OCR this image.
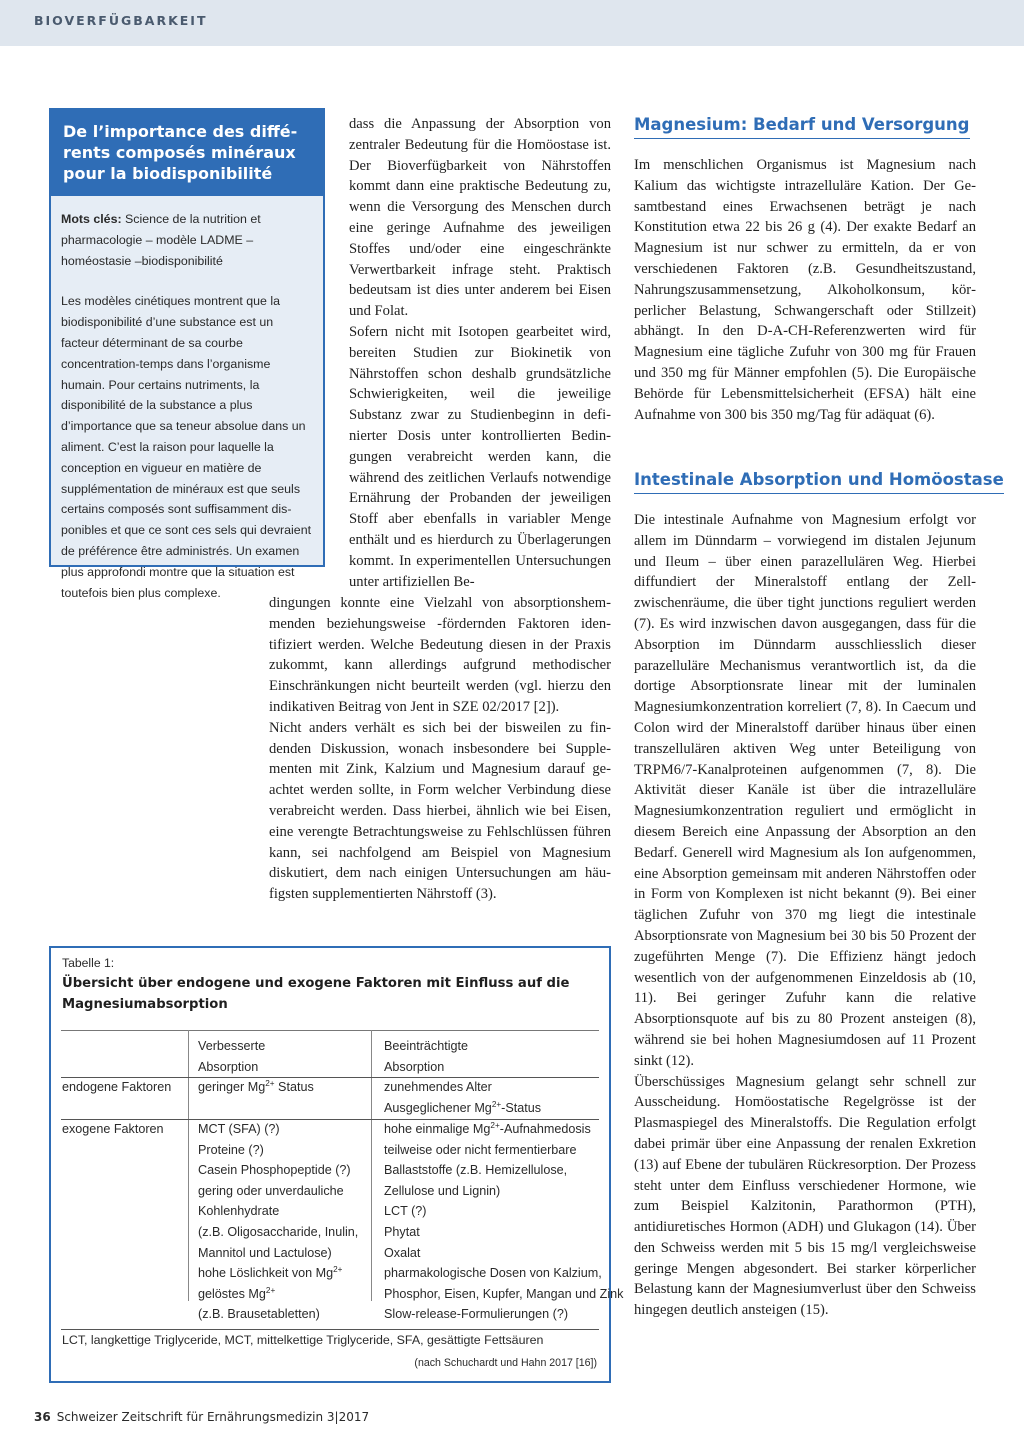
BIOVERFÜGBARKEIT
De l’importance des différents composés minéraux pour la biodisponibilité

Mots clés: Science de la nutrition et pharmacologie – modèle LADME – homéostasie –biodisponibilité

Les modèles cinétiques montrent que la biodisponibilité d’une substance est un facteur déterminant de sa courbe concentration-temps dans l’organisme humain. Pour certains nutriments, la disponibilité de la substance a plus d’importance que sa teneur absolue dans un aliment. C’est la raison pour laquelle la conception en vigueur en matière de supplémentation de minéraux est que seuls certains composés sont suffisamment disponibles et que ce sont ces sels qui devraient de préférence être administrés. Un examen plus approfondi montre que la situation est toutefois bien plus complexe.

dass die Anpassung der Absorption von zentraler Bedeutung für die Homöostase ist. Der Bioverfügbarkeit von Nährstoffen kommt dann eine praktische Bedeutung zu, wenn die Versorgung des Menschen durch eine geringe Aufnahme des jeweiligen Stoffes und/oder eine eingeschränkte Verwertbarkeit infrage steht. Praktisch bedeutsam ist dies unter anderem bei Eisen und Folat.

Sofern nicht mit Isotopen gearbeitet wird, bereiten Studien zur Biokinetik von Nährstoffen schon deshalb grundsätzliche Schwierigkeiten, weil die jeweilige Substanz zwar zu Studienbeginn in definierter Dosis unter kontrollierten Bedingungen verabreicht werden kann, die während des zeitlichen Verlaufs notwendige Ernährung der Probanden der jeweiligen Stoff aber ebenfalls in variabler Menge enthält und es hierdurch zu Überlagerungen kommt. In experimentellen Untersuchungen unter artifiziellen Be-

dingungen konnte eine Vielzahl von absorptionshemmenden beziehungsweise -fördernden Faktoren identifiziert werden. Welche Bedeutung diesen in der Praxis zukommt, kann allerdings aufgrund methodischer Einschränkungen nicht beurteilt werden (vgl. hierzu den indikativen Beitrag von Jent in SZE 02/2017 [2]).

Nicht anders verhält es sich bei der bisweilen zu findenden Diskussion, wonach insbesondere bei Supplementen mit Zink, Kalzium und Magnesium darauf geachtet werden sollte, in Form welcher Verbindung diese verabreicht werden. Dass hierbei, ähnlich wie bei Eisen, eine verengte Betrachtungsweise zu Fehlschlüssen führen kann, sei nachfolgend am Beispiel von Magnesium diskutiert, dem nach einigen Untersuchungen am häufigsten supplementierten Nährstoff (3).

Magnesium: Bedarf und Versorgung

Im menschlichen Organismus ist Magnesium nach Kalium das wichtigste intrazelluläre Kation. Der Gesamtbestand eines Erwachsenen beträgt je nach Konstitution etwa 22 bis 26 g (4). Der exakte Bedarf an Magnesium ist nur schwer zu ermitteln, da er von verschiedenen Faktoren (z.B. Gesundheitszustand, Nahrungszusammensetzung, Alkoholkonsum, körperlicher Belastung, Schwangerschaft oder Stillzeit) abhängt. In den D-A-CH-Referenzwerten wird für Magnesium eine tägliche Zufuhr von 300 mg für Frauen und 350 mg für Männer empfohlen (5). Die Europäische Behörde für Lebensmittelsicherheit (EFSA) hält eine Aufnahme von 300 bis 350 mg/Tag für adäquat (6).

Intestinale Absorption und Homöostase

Die intestinale Aufnahme von Magnesium erfolgt vor allem im Dünndarm – vorwiegend im distalen Jejunum und Ileum – über einen parazellulären Weg. Hierbei diffundiert der Mineralstoff entlang der Zellzwischenräume, die über tight junctions reguliert werden (7). Es wird inzwischen davon ausgegangen, dass für die Absorption im Dünndarm ausschliesslich dieser parazelluläre Mechanismus verantwortlich ist, da die dortige Absorptionsrate linear mit der luminalen Magnesiumkonzentration korreliert (7, 8). In Caecum und Colon wird der Mineralstoff darüber hinaus über einen transzellulären aktiven Weg unter Beteiligung von TRPM6/7-Kanalproteinen aufgenommen (7, 8). Die Aktivität dieser Kanäle ist über die intrazelluläre Magnesiumkonzentration reguliert und ermöglicht in diesem Bereich eine Anpassung der Absorption an den Bedarf. Generell wird Magnesium als Ion aufgenommen, eine Absorption gemeinsam mit anderen Nährstoffen oder in Form von Komplexen ist nicht bekannt (9). Bei einer täglichen Zufuhr von 370 mg liegt die intestinale Absorptionsrate von Magnesium bei 30 bis 50 Prozent der zugeführten Menge (7). Die Effizienz hängt jedoch wesentlich von der aufgenommenen Einzeldosis ab (10, 11). Bei geringer Zufuhr kann die relative Absorptionsquote auf bis zu 80 Prozent ansteigen (8), während sie bei hohen Magnesiumdosen auf 11 Prozent sinkt (12).

Überschüssiges Magnesium gelangt sehr schnell zur Ausscheidung. Homöostatische Regelgrösse ist der Plasmaspiegel des Mineralstoffs. Die Regulation erfolgt dabei primär über eine Anpassung der renalen Exkretion (13) auf Ebene der tubulären Rückresorption. Der Prozess steht unter dem Einfluss verschiedener Hormone, wie zum Beispiel Kalzitonin, Parathormon (PTH), antidiuretisches Hormon (ADH) und Glukagon (14). Über den Schweiss werden mit 5 bis 15 mg/l vergleichsweise geringe Mengen abgesondert. Bei starker körperlicher Belastung kann der Magnesiumverlust über den Schweiss hingegen deutlich ansteigen (15).

Tabelle 1:
Übersicht über endogene und exogene Faktoren mit Einfluss auf die Magnesiumabsorption
Verbesserte
Absorption
Beeinträchtigte
Absorption
endogene Faktoren geringer $Mg^{2+}$ Status	zunehmendes Alter
Ausgeglichener $Mg^{2+}$-Status
exogene Faktoren	MCT (SFA) (?)
Proteine (?)
Casein Phosphopeptide (?)
gering oder unverdauliche
Kohlenhydrate
(z.B. Oligosaccharide, Inulin,
Mannitol und Lactulose)
hohe Löslichkeit von $Mg^{2+}$
gelöstes $Mg^{2+}$
(z.B. Brausetabletten)
hohe einmalige $Mg^{2+}$-Aufnahmedosis
teilweise oder nicht fermentierbare
Ballaststoffe (z.B. Hemizellulose,
Zellulose und Lignin)
LCT (?)
Phytat
Oxalat
pharmakologische Dosen von Kalzium,
Phosphor, Eisen, Kupfer, Mangan und Zink
Slow-release-Formulierungen (?)
LCT, langkettige Triglyceride, MCT, mittelkettige Triglyceride, SFA, gesättigte Fettsäuren
(nach Schuchardt und Hahn 2017 [16])
36 Schweizer Zeitschrift für Ernährungsmedizin 3|2017
